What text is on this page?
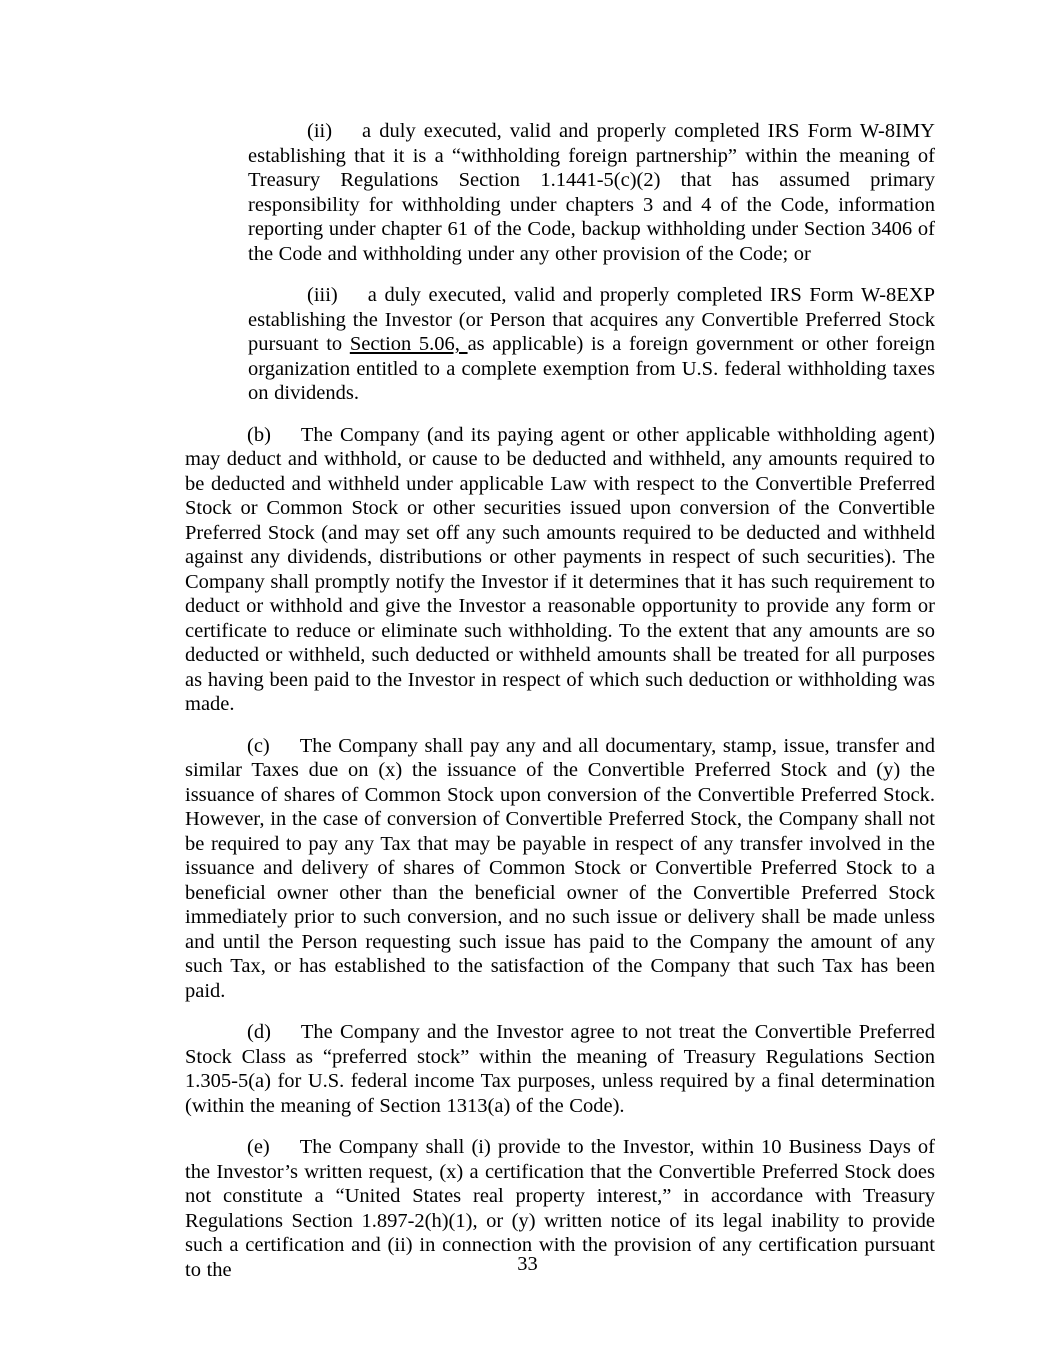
(ii) a duly executed, valid and properly completed IRS Form W-8IMY establishing that it is a “withholding foreign partnership” within the meaning of Treasury Regulations Section 1.1441-5(c)(2) that has assumed primary responsibility for withholding under chapters 3 and 4 of the Code, information reporting under chapter 61 of the Code, backup withholding under Section 3406 of the Code and withholding under any other provision of the Code; or

(iii) a duly executed, valid and properly completed IRS Form W-8EXP establishing the Investor (or Person that acquires any Convertible Preferred Stock pursuant to Section 5.06, as applicable) is a foreign government or other foreign organization entitled to a complete exemption from U.S. federal withholding taxes on dividends.

(b) The Company (and its paying agent or other applicable withholding agent) may deduct and withhold, or cause to be deducted and withheld, any amounts required to be deducted and withheld under applicable Law with respect to the Convertible Preferred Stock or Common Stock or other securities issued upon conversion of the Convertible Preferred Stock (and may set off any such amounts required to be deducted and withheld against any dividends, distributions or other payments in respect of such securities). The Company shall promptly notify the Investor if it determines that it has such requirement to deduct or withhold and give the Investor a reasonable opportunity to provide any form or certificate to reduce or eliminate such withholding. To the extent that any amounts are so deducted or withheld, such deducted or withheld amounts shall be treated for all purposes as having been paid to the Investor in respect of which such deduction or withholding was made.

(c) The Company shall pay any and all documentary, stamp, issue, transfer and similar Taxes due on (x) the issuance of the Convertible Preferred Stock and (y) the issuance of shares of Common Stock upon conversion of the Convertible Preferred Stock. However, in the case of conversion of Convertible Preferred Stock, the Company shall not be required to pay any Tax that may be payable in respect of any transfer involved in the issuance and delivery of shares of Common Stock or Convertible Preferred Stock to a beneficial owner other than the beneficial owner of the Convertible Preferred Stock immediately prior to such conversion, and no such issue or delivery shall be made unless and until the Person requesting such issue has paid to the Company the amount of any such Tax, or has established to the satisfaction of the Company that such Tax has been paid.

(d) The Company and the Investor agree to not treat the Convertible Preferred Stock Class as “preferred stock” within the meaning of Treasury Regulations Section 1.305-5(a) for U.S. federal income Tax purposes, unless required by a final determination (within the meaning of Section 1313(a) of the Code).

(e) The Company shall (i) provide to the Investor, within 10 Business Days of the Investor’s written request, (x) a certification that the Convertible Preferred Stock does not constitute a “United States real property interest,” in accordance with Treasury Regulations Section 1.897-2(h)(1), or (y) written notice of its legal inability to provide such a certification and (ii) in connection with the provision of any certification pursuant to the	33
